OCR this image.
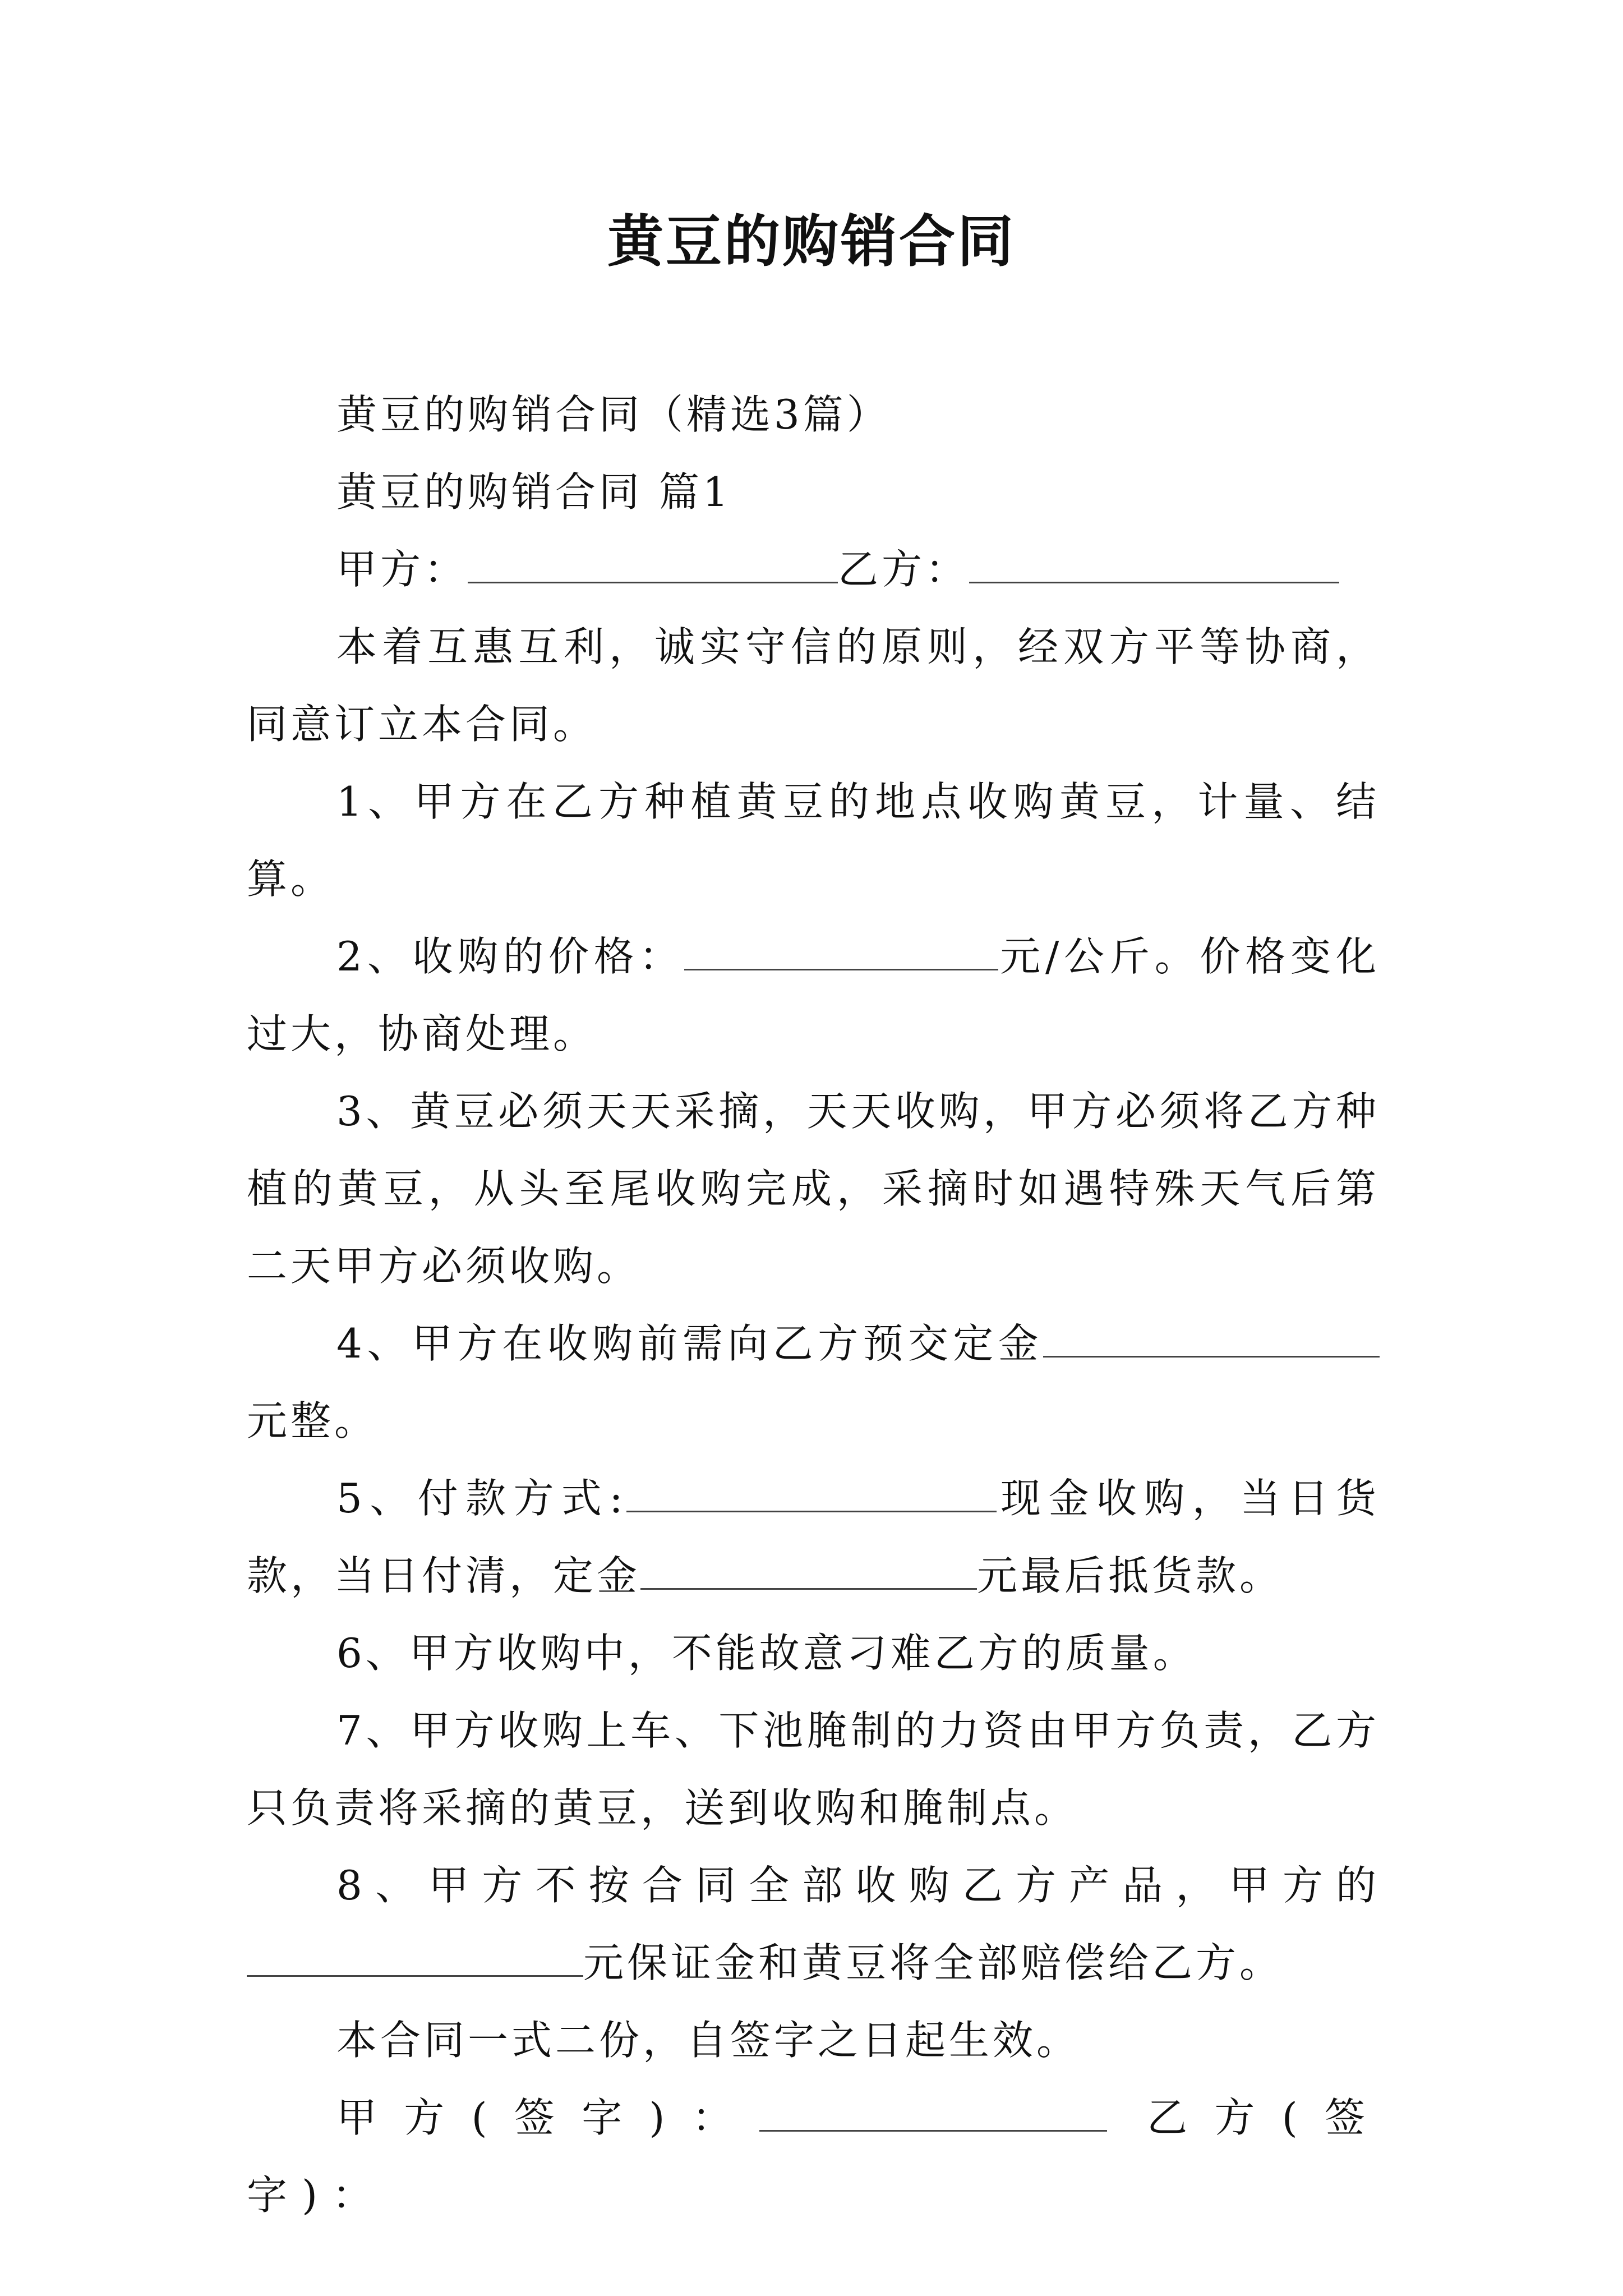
黄豆的购销合同

黄豆的购销合同（精选3篇）

黄豆的购销合同 篇1

甲方：	乙方：

本着互惠互利，诚实守信的原则，经双方平等协商，同意订立本合同。

1、甲方在乙方种植黄豆的地点收购黄豆，计量、结算。

2、收购的价格：	元/公斤。价格变化过大，协商处理。

3、黄豆必须天天采摘，天天收购，甲方必须将乙方种植的黄豆，从头至尾收购完成，采摘时如遇特殊天气后第二天甲方必须收购。

4、甲方在收购前需向乙方预交定金元整。

5、付款方式:	现金收购，当日货款，当日付清，定金	元最后抵货款。

6、甲方收购中，不能故意刁难乙方的质量。

7、甲方收购上车、下池腌制的力资由甲方负责，乙方只负责将采摘的黄豆，送到收购和腌制点。

8、甲方不按合同全部收购乙方产品，甲方的元保证金和黄豆将全部赔偿给乙方。

本合同一式二份，自签字之日起生效。

甲方(签字)：	乙方(签字)：
